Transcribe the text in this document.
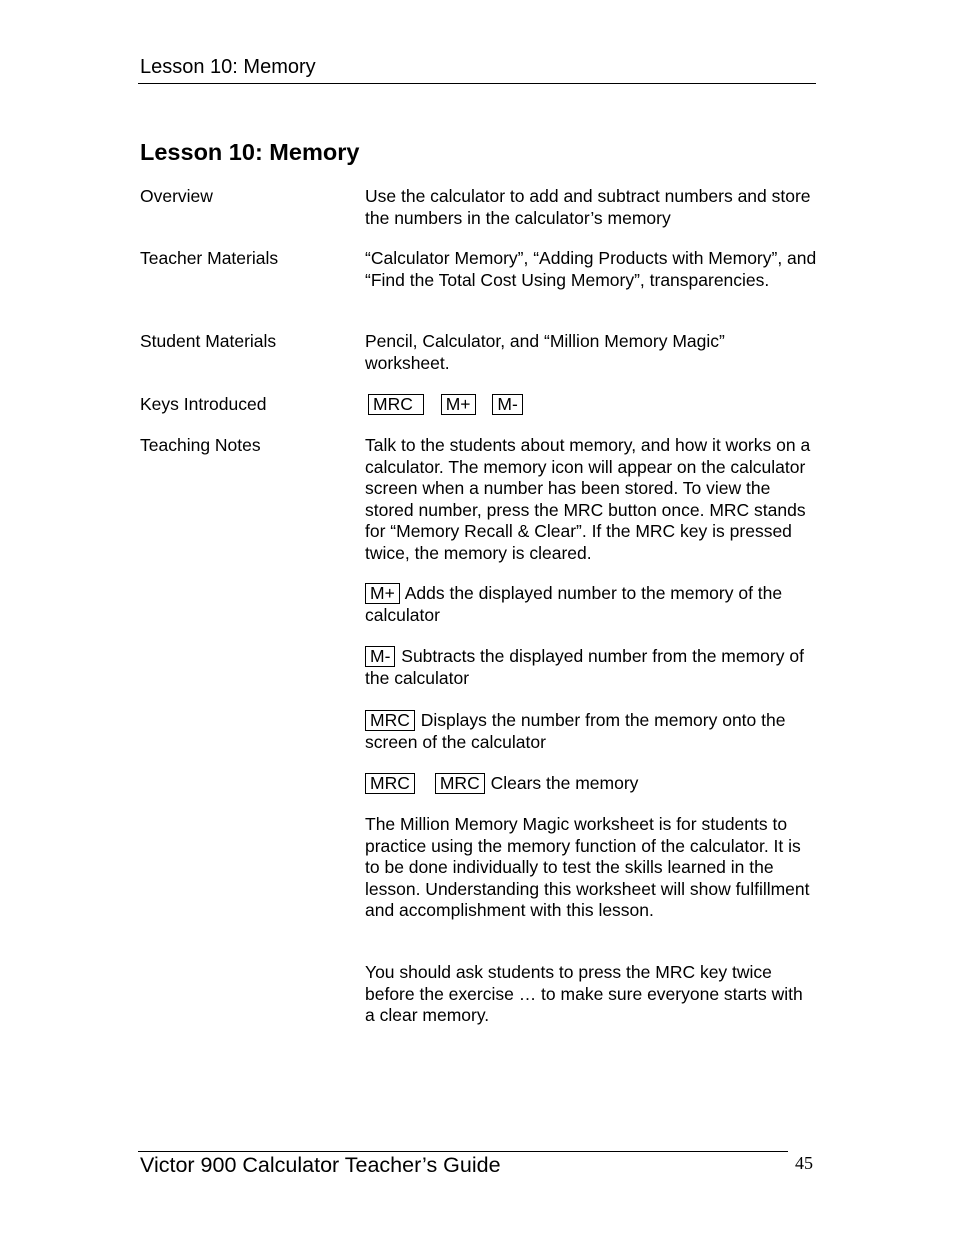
Lesson 10: Memory
Lesson 10: Memory
Overview	Use the calculator to add and subtract numbers and store the numbers in the calculator’s memory
Teacher Materials	“Calculator Memory”, “Adding Products with Memory”, and “Find the Total Cost Using Memory”, transparencies.
Student Materials	Pencil, Calculator, and “Million Memory Magic” worksheet.
Keys Introduced	MRC M+ M-
Teaching Notes	Talk to the students about memory, and how it works on a calculator. The memory icon will appear on the calculator screen when a number has been stored. To view the stored number, press the MRC button once. MRC stands for “Memory Recall & Clear”. If the MRC key is pressed twice, the memory is cleared.
M+ Adds the displayed number to the memory of the calculator
M- Subtracts the displayed number from the memory of the calculator
MRC Displays the number from the memory onto the screen of the calculator
MRC MRC Clears the memory
The Million Memory Magic worksheet is for students to practice using the memory function of the calculator. It is to be done individually to test the skills learned in the lesson. Understanding this worksheet will show fulfillment and accomplishment with this lesson.
You should ask students to press the MRC key twice before the exercise … to make sure everyone starts with a clear memory.
Victor 900 Calculator Teacher’s Guide	45
